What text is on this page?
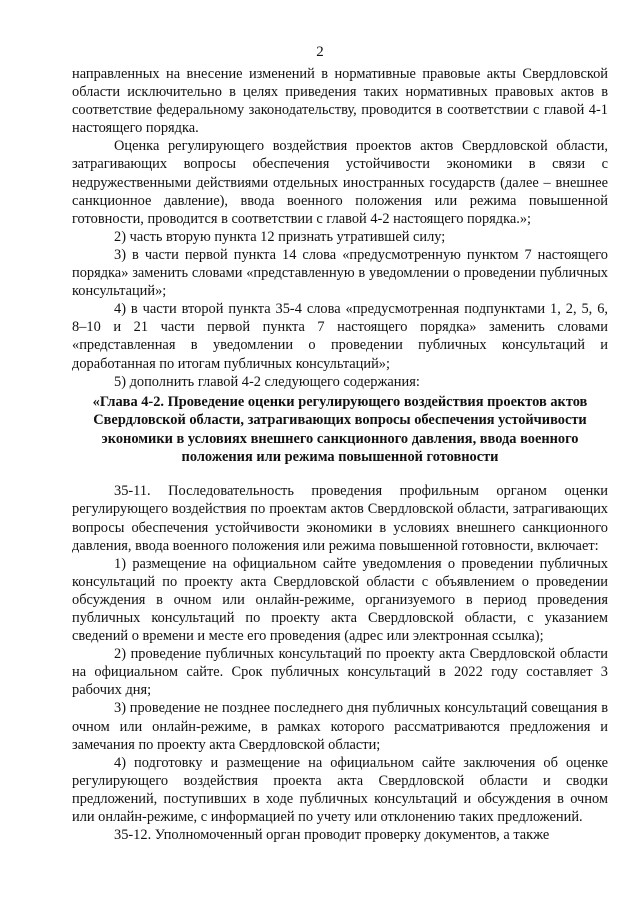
2

направленных на внесение изменений в нормативные правовые акты Свердловской области исключительно в целях приведения таких нормативных правовых актов в соответствие федеральному законодательству, проводится в соответствии с главой 4-1 настоящего порядка.

Оценка регулирующего воздействия проектов актов Свердловской области, затрагивающих вопросы обеспечения устойчивости экономики в связи с недружественными действиями отдельных иностранных государств (далее – внешнее санкционное давление), ввода военного положения или режима повышенной готовности, проводится в соответствии с главой 4-2 настоящего порядка.»;

2) часть вторую пункта 12 признать утратившей силу;

3) в части первой пункта 14 слова «предусмотренную пунктом 7 настоящего порядка» заменить словами «представленную в уведомлении о проведении публичных консультаций»;

4) в части второй пункта 35-4 слова «предусмотренная подпунктами 1, 2, 5, 6, 8–10 и 21 части первой пункта 7 настоящего порядка» заменить словами «представленная в уведомлении о проведении публичных консультаций и доработанная по итогам публичных консультаций»;

5) дополнить главой 4-2 следующего содержания:

«Глава 4-2. Проведение оценки регулирующего воздействия проектов актов Свердловской области, затрагивающих вопросы обеспечения устойчивости экономики в условиях внешнего санкционного давления, ввода военного положения или режима повышенной готовности

35-11. Последовательность проведения профильным органом оценки регулирующего воздействия по проектам актов Свердловской области, затрагивающих вопросы обеспечения устойчивости экономики в условиях внешнего санкционного давления, ввода военного положения или режима повышенной готовности, включает:

1) размещение на официальном сайте уведомления о проведении публичных консультаций по проекту акта Свердловской области с объявлением о проведении обсуждения в очном или онлайн-режиме, организуемого в период проведения публичных консультаций по проекту акта Свердловской области, с указанием сведений о времени и месте его проведения (адрес или электронная ссылка);

2) проведение публичных консультаций по проекту акта Свердловской области на официальном сайте. Срок публичных консультаций в 2022 году составляет 3 рабочих дня;

3) проведение не позднее последнего дня публичных консультаций совещания в очном или онлайн-режиме, в рамках которого рассматриваются предложения и замечания по проекту акта Свердловской области;

4) подготовку и размещение на официальном сайте заключения об оценке регулирующего воздействия проекта акта Свердловской области и сводки предложений, поступивших в ходе публичных консультаций и обсуждения в очном или онлайн-режиме, с информацией по учету или отклонению таких предложений.

35-12. Уполномоченный орган проводит проверку документов, а также
